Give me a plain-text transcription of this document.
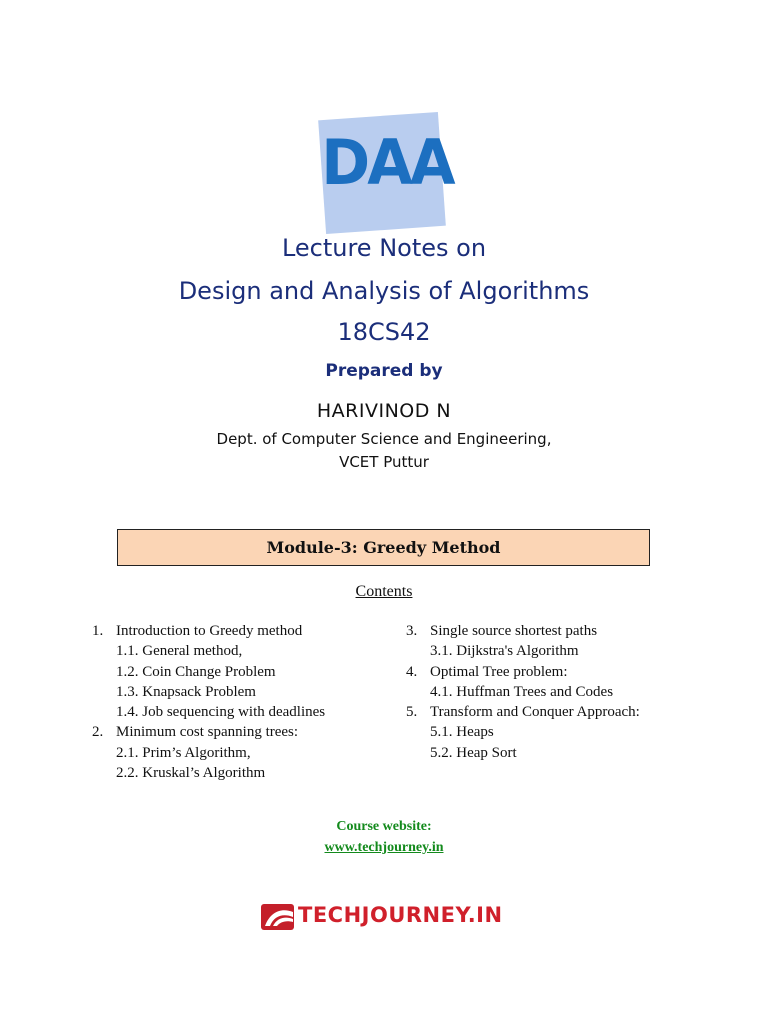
DAA
Lecture Notes on
Design and Analysis of Algorithms
18CS42
Prepared by
HARIVINOD N
Dept. of Computer Science and Engineering,
VCET Puttur
Module-3: Greedy Method
Contents
1. Introduction to Greedy method
1.1. General method,
1.2. Coin Change Problem
1.3. Knapsack Problem
1.4. Job sequencing with deadlines
2. Minimum cost spanning trees:
2.1. Prim’s Algorithm,
2.2. Kruskal’s Algorithm
3. Single source shortest paths
3.1. Dijkstra's Algorithm
4. Optimal Tree problem:
4.1. Huffman Trees and Codes
5. Transform and Conquer Approach:
5.1. Heaps
5.2. Heap Sort
Course website:
www.techjourney.in
TECHJOURNEY.IN
